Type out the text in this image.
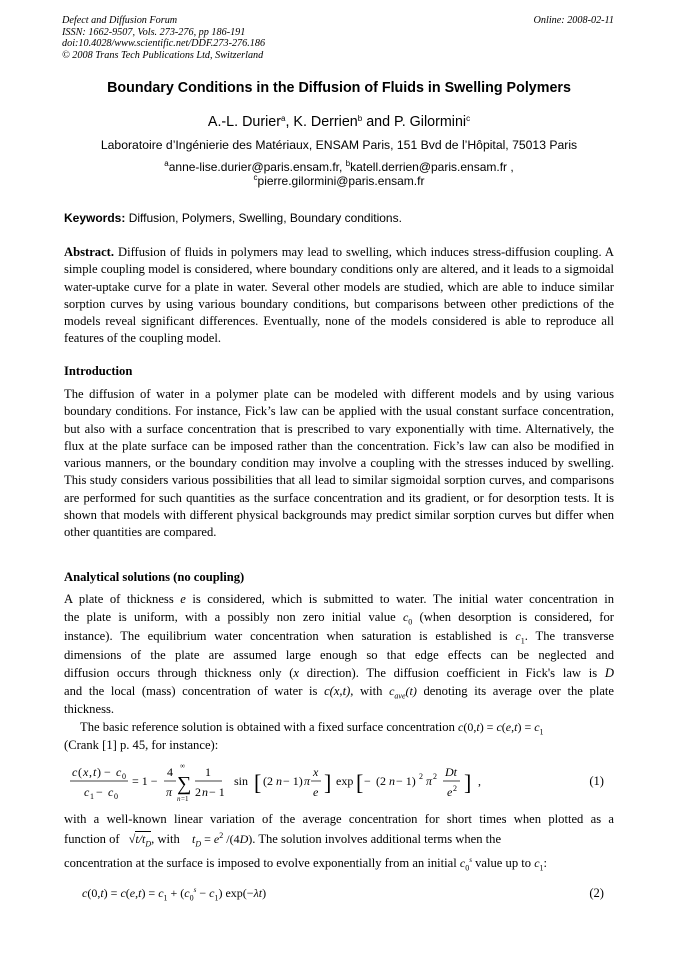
Defect and Diffusion Forum
ISSN: 1662-9507, Vols. 273-276, pp 186-191
doi:10.4028/www.scientific.net/DDF.273-276.186
© 2008 Trans Tech Publications Ltd, Switzerland
Online: 2008-02-11
Boundary Conditions in the Diffusion of Fluids in Swelling Polymers
A.-L. Durier$^a$, K. Derrien$^b$ and P. Gilormini$^c$
Laboratoire d’Ingénierie des Matériaux, ENSAM Paris, 151 Bvd de l’Hôpital, 75013 Paris
$^a$anne-lise.durier@paris.ensam.fr, $^b$katell.derrien@paris.ensam.fr ,
$^c$pierre.gilormini@paris.ensam.fr
Keywords: Diffusion, Polymers, Swelling, Boundary conditions.
Abstract. Diffusion of fluids in polymers may lead to swelling, which induces stress-diffusion coupling. A simple coupling model is considered, where boundary conditions only are altered, and it leads to a sigmoidal water-uptake curve for a plate in water. Several other models are studied, which are able to induce similar sorption curves by using various boundary conditions, but comparisons between other predictions of the models reveal significant differences. Eventually, none of the models considered is able to reproduce all features of the coupling model.
Introduction
The diffusion of water in a polymer plate can be modeled with different models and by using various boundary conditions. For instance, Fick’s law can be applied with the usual constant surface concentration, but also with a surface concentration that is prescribed to vary exponentially with time. Alternatively, the flux at the plate surface can be imposed rather than the concentration. Fick’s law can also be modified in various manners, or the boundary condition may involve a coupling with the stresses induced by swelling. This study considers various possibilities that all lead to similar sigmoidal sorption curves, and comparisons are performed for such quantities as the surface concentration and its gradient, or for desorption tests. It is shown that models with different physical backgrounds may predict similar sorption curves but differ when other quantities are compared.
Analytical solutions (no coupling)
A plate of thickness e is considered, which is submitted to water. The initial water concentration in
the plate is uniform, with a possibly non zero initial value $c_0$ (when desorption is considered, for
instance). The equilibrium water concentration when saturation is established is $c_1$. The transverse
dimensions of the plate are assumed large enough so that edge effects can be neglected and
diffusion occurs through thickness only (x direction). The diffusion coefficient in Fick's law is D
and the local (mass) concentration of water is c(x,t), with $c_{ave}(t)$ denoting its average over the plate
thickness.
The basic reference solution is obtained with a fixed surface concentration $c(0,t) = c(e,t) = c_1$
(Crank [1] p. 45, for instance):
c ( x , t ) − c 0
c 1 − c 0
= 1 −
4
π
∞
∑
n =1
1
2 n − 1
sin [ (2 n − 1) π
x
e ] exp [ − (2 n − 1) 2 π 2 Dt
e 2 ] ,	(1)
with a well-known linear variation of the average concentration for short times when plotted as a
function of   $√t/t_D$, with    $t_D = e^2$ /(4D). The solution involves additional terms when the
concentration at the surface is imposed to evolve exponentially from an initial $c_0^s$ value up to $c_1$:
$c(0,t) = c(e,t) = c_1 + (c_0^s - c_1)$ exp(−λt)	(2)
